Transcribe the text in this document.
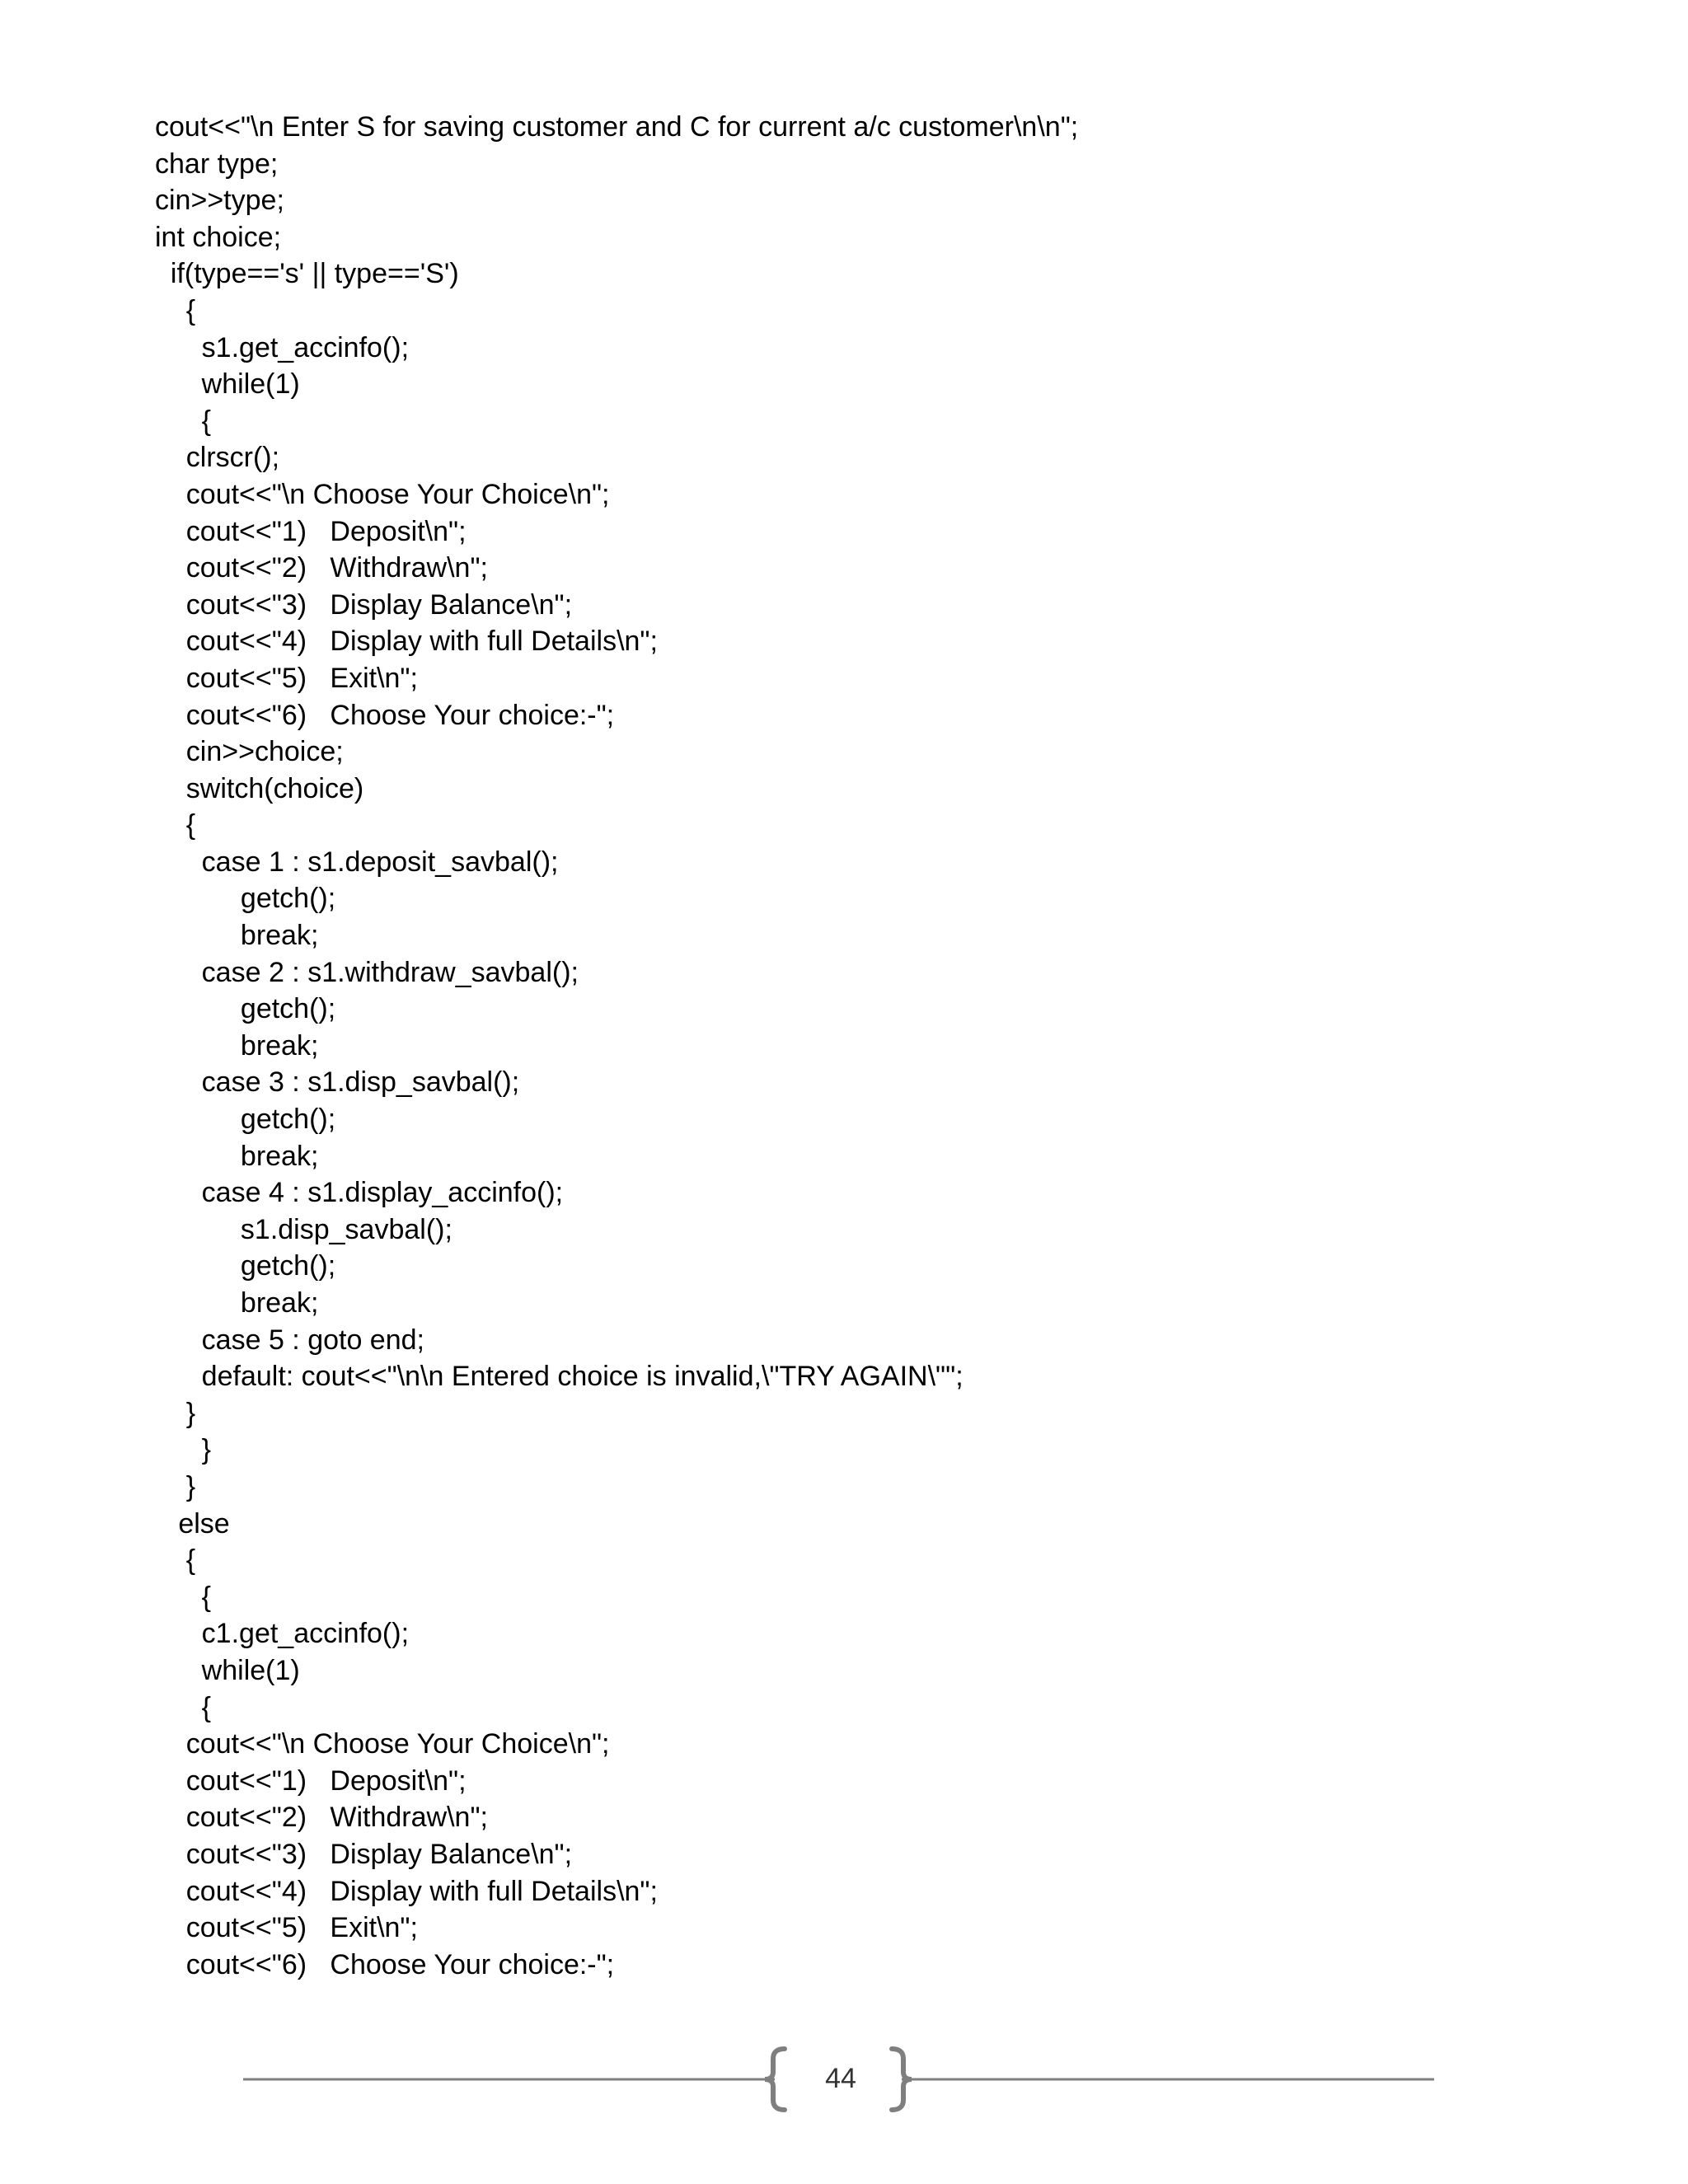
cout<<"\n Enter S for saving customer and C for current a/c customer\n\n";
char type;
cin>>type;
int choice;
if(type=='s' || type=='S')
{
s1.get_accinfo();
while(1)
{
clrscr();
cout<<"\n Choose Your Choice\n";
cout<<"1)   Deposit\n";
cout<<"2)   Withdraw\n";
cout<<"3)   Display Balance\n";
cout<<"4)   Display with full Details\n";
cout<<"5)   Exit\n";
cout<<"6)   Choose Your choice:-";
cin>>choice;
switch(choice)
{
case 1 : s1.deposit_savbal();
getch();
break;
case 2 : s1.withdraw_savbal();
getch();
break;
case 3 : s1.disp_savbal();
getch();
break;
case 4 : s1.display_accinfo();
s1.disp_savbal();
getch();
break;
case 5 : goto end;
default: cout<<"\n\n Entered choice is invalid,\"TRY AGAIN\"";
}
}
}
else
{
{
c1.get_accinfo();
while(1)
{
cout<<"\n Choose Your Choice\n";
cout<<"1)   Deposit\n";
cout<<"2)   Withdraw\n";
cout<<"3)   Display Balance\n";
cout<<"4)   Display with full Details\n";
cout<<"5)   Exit\n";
cout<<"6)   Choose Your choice:-";
44
